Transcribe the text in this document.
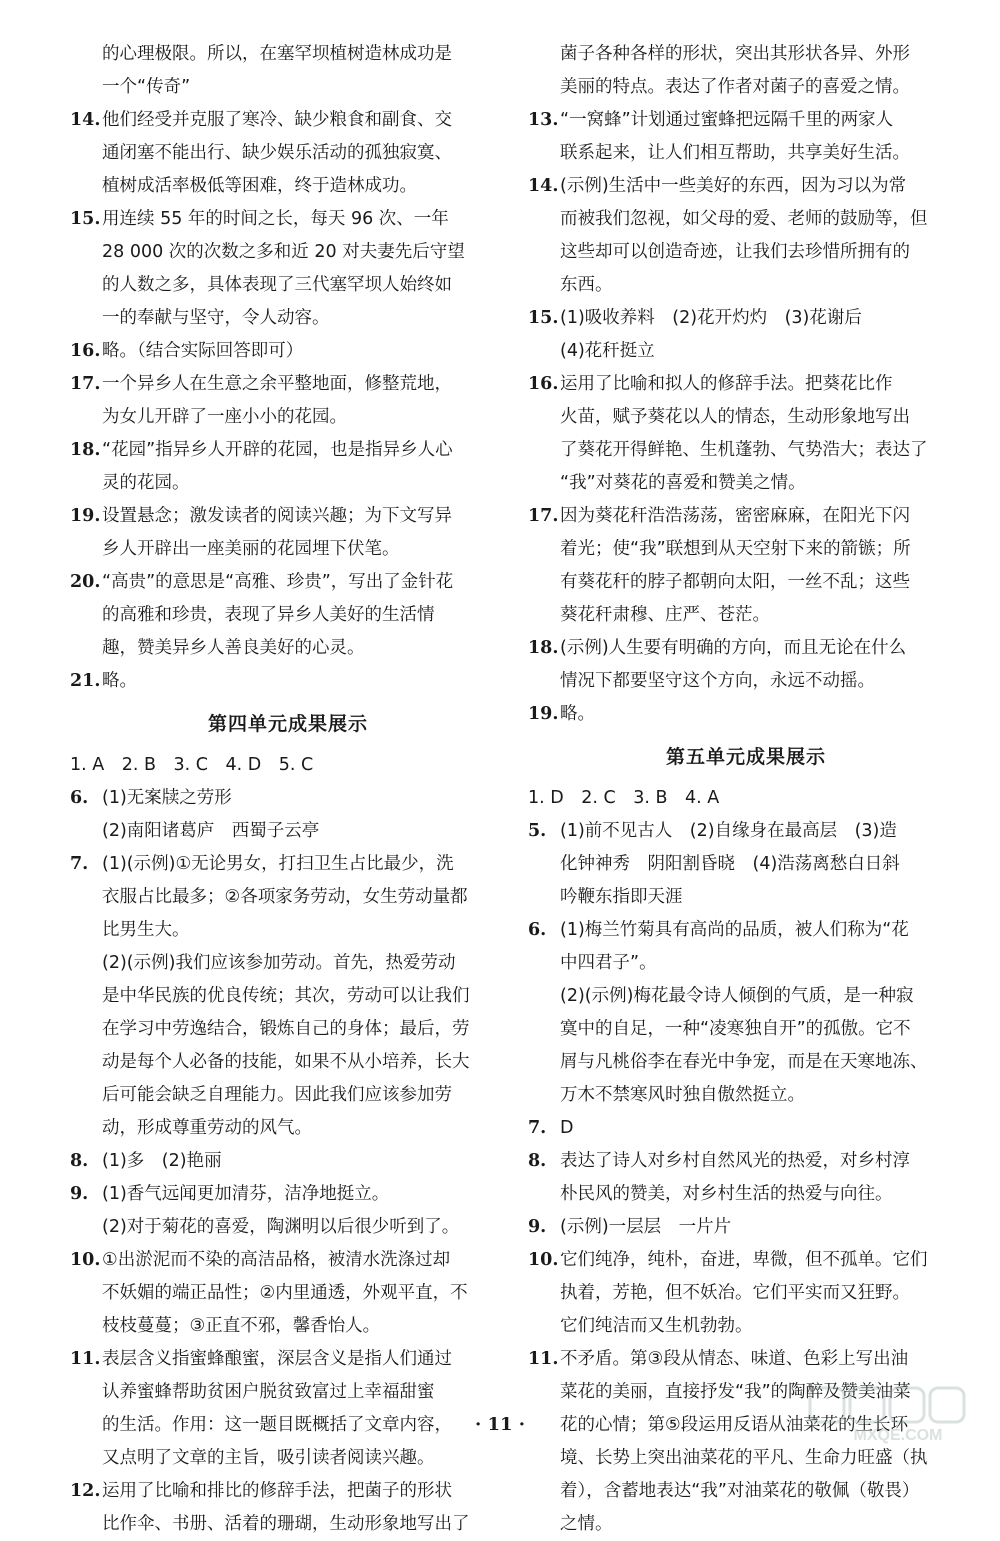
的心理极限。所以，在塞罕坝植树造林成功是
一个“传奇”
14. 他们经受并克服了寒冷、缺少粮食和副食、交
通闭塞不能出行、缺少娱乐活动的孤独寂寞、
植树成活率极低等困难，终于造林成功。
15. 用连续 55 年的时间之长，每天 96 次、一年
28 000 次的次数之多和近 20 对夫妻先后守望
的人数之多，具体表现了三代塞罕坝人始终如
一的奉献与坚守，令人动容。
16. 略。（结合实际回答即可）
17. 一个异乡人在生意之余平整地面，修整荒地，
为女儿开辟了一座小小的花园。
18. “花园”指异乡人开辟的花园，也是指异乡人心
灵的花园。
19. 设置悬念；激发读者的阅读兴趣；为下文写异
乡人开辟出一座美丽的花园埋下伏笔。
20. “高贵”的意思是“高雅、珍贵”，写出了金针花
的高雅和珍贵，表现了异乡人美好的生活情
趣，赞美异乡人善良美好的心灵。
21. 略。
第四单元成果展示
1. A　2. B　3. C　4. D　5. C
6. (1)无案牍之劳形
(2)南阳诸葛庐　西蜀子云亭
7. (1)(示例)①无论男女，打扫卫生占比最少，洗
衣服占比最多；②各项家务劳动，女生劳动量都
比男生大。
(2)(示例)我们应该参加劳动。首先，热爱劳动
是中华民族的优良传统；其次，劳动可以让我们
在学习中劳逸结合，锻炼自己的身体；最后，劳
动是每个人必备的技能，如果不从小培养，长大
后可能会缺乏自理能力。因此我们应该参加劳
动，形成尊重劳动的风气。
8. (1)多　(2)艳丽
9. (1)香气远闻更加清芬，洁净地挺立。
(2)对于菊花的喜爱，陶渊明以后很少听到了。
10. ①出淤泥而不染的高洁品格，被清水洗涤过却
不妖媚的端正品性；②内里通透，外观平直，不
枝枝蔓蔓；③正直不邪，馨香怡人。
11. 表层含义指蜜蜂酿蜜，深层含义是指人们通过
认养蜜蜂帮助贫困户脱贫致富过上幸福甜蜜
的生活。作用：这一题目既概括了文章内容，
又点明了文章的主旨，吸引读者阅读兴趣。
12. 运用了比喻和排比的修辞手法，把菌子的形状
比作伞、书册、活着的珊瑚，生动形象地写出了
菌子各种各样的形状，突出其形状各异、外形
美丽的特点。表达了作者对菌子的喜爱之情。
13. “一窝蜂”计划通过蜜蜂把远隔千里的两家人
联系起来，让人们相互帮助，共享美好生活。
14. (示例)生活中一些美好的东西，因为习以为常
而被我们忽视，如父母的爱、老师的鼓励等，但
这些却可以创造奇迹，让我们去珍惜所拥有的
东西。
15. (1)吸收养料　(2)花开灼灼　(3)花谢后
(4)花秆挺立
16. 运用了比喻和拟人的修辞手法。把葵花比作
火苗，赋予葵花以人的情态，生动形象地写出
了葵花开得鲜艳、生机蓬勃、气势浩大；表达了
“我”对葵花的喜爱和赞美之情。
17. 因为葵花秆浩浩荡荡，密密麻麻，在阳光下闪
着光；使“我”联想到从天空射下来的箭镞；所
有葵花秆的脖子都朝向太阳，一丝不乱；这些
葵花秆肃穆、庄严、苍茫。
18. (示例)人生要有明确的方向，而且无论在什么
情况下都要坚守这个方向，永远不动摇。
19. 略。
第五单元成果展示
1. D　2. C　3. B　4. A
5. (1)前不见古人　(2)自缘身在最高层　(3)造
化钟神秀　阴阳割昏晓　(4)浩荡离愁白日斜
吟鞭东指即天涯
6. (1)梅兰竹菊具有高尚的品质，被人们称为“花
中四君子”。
(2)(示例)梅花最令诗人倾倒的气质，是一种寂
寞中的自足，一种“凌寒独自开”的孤傲。它不
屑与凡桃俗李在春光中争宠，而是在天寒地冻、
万木不禁寒风时独自傲然挺立。
7. D
8. 表达了诗人对乡村自然风光的热爱，对乡村淳
朴民风的赞美，对乡村生活的热爱与向往。
9. (示例)一层层　一片片
10. 它们纯净，纯朴，奋进，卑微，但不孤单。它们
执着，芳艳，但不妖冶。它们平实而又狂野。
它们纯洁而又生机勃勃。
11. 不矛盾。第③段从情态、味道、色彩上写出油
菜花的美丽，直接抒发“我”的陶醉及赞美油菜
花的心情；第⑤段运用反语从油菜花的生长环
境、长势上突出油菜花的平凡、生命力旺盛（执
着），含蓄地表达“我”对油菜花的敬佩（敬畏）
之情。
· 11 ·
MXQE.COM
